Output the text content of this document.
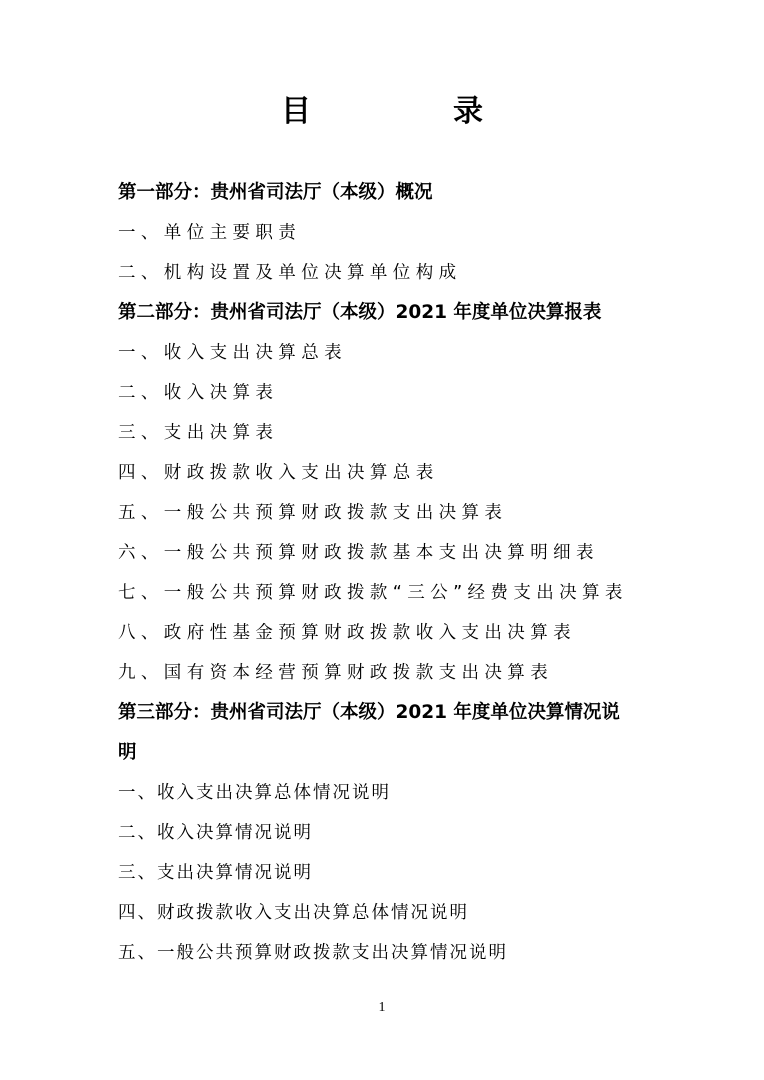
目　录
第一部分：贵州省司法厅（本级）概况
一、单位主要职责
二、机构设置及单位决算单位构成
第二部分：贵州省司法厅（本级）2021 年度单位决算报表
一、收入支出决算总表
二、收入决算表
三、支出决算表
四、财政拨款收入支出决算总表
五、一般公共预算财政拨款支出决算表
六、一般公共预算财政拨款基本支出决算明细表
七、一般公共预算财政拨款“三公”经费支出决算表
八、政府性基金预算财政拨款收入支出决算表
九、国有资本经营预算财政拨款支出决算表
第三部分：贵州省司法厅（本级）2021 年度单位决算情况说
明
一、收入支出决算总体情况说明
二、收入决算情况说明
三、支出决算情况说明
四、财政拨款收入支出决算总体情况说明
五、一般公共预算财政拨款支出决算情况说明
1
